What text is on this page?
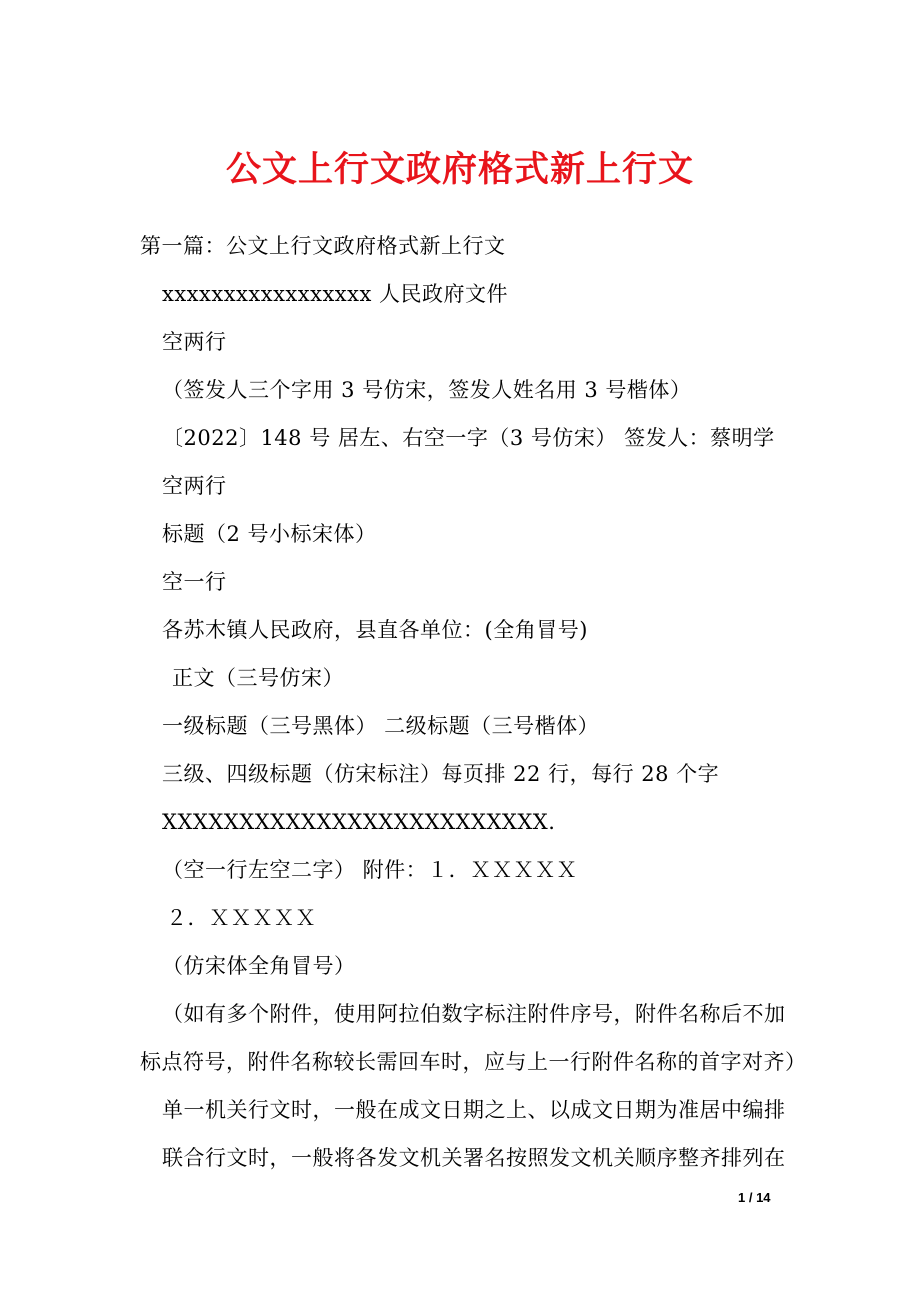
公文上行文政府格式新上行文
第一篇：公文上行文政府格式新上行文
xxxxxxxxxxxxxxxxx 人民政府文件
空两行
（签发人三个字用 3 号仿宋，签发人姓名用 3 号楷体）
〔2022〕148 号 居左、右空一字（3 号仿宋） 签发人：蔡明学
空两行
标题（2 号小标宋体）
空一行
各苏木镇人民政府，县直各单位：(全角冒号)
正文（三号仿宋）
一级标题（三号黑体） 二级标题（三号楷体）
三级、四级标题（仿宋标注）每页排 22 行，每行 28 个字
XXXXXXXXXXXXXXXXXXXXXXXXX.
（空一行左空二字） 附件：１．ＸＸＸＸＸ
２．ＸＸＸＸＸ
（仿宋体全角冒号）
（如有多个附件，使用阿拉伯数字标注附件序号，附件名称后不加
标点符号，附件名称较长需回车时，应与上一行附件名称的首字对齐）
单一机关行文时，一般在成文日期之上、以成文日期为准居中编排
联合行文时，一般将各发文机关署名按照发文机关顺序整齐排列在
1 / 14
